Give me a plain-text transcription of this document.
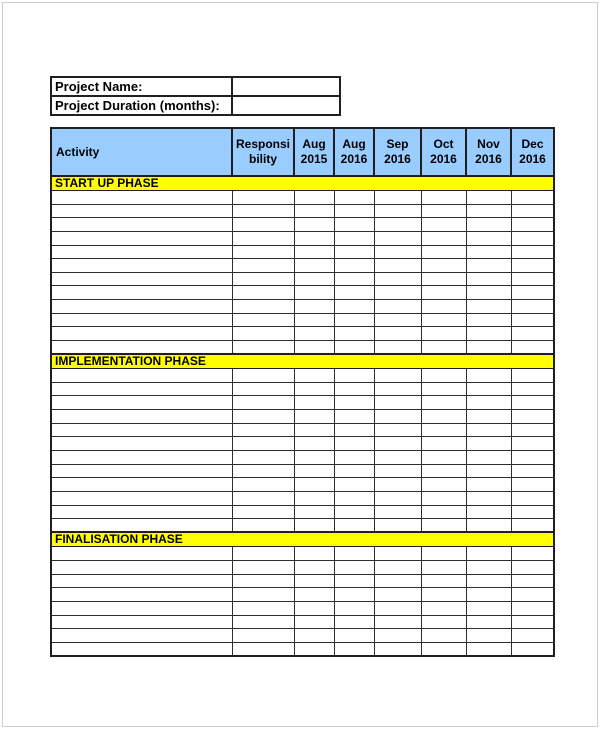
Project Name:	
Project Duration (months):	
Activity	Responsibility	Aug 2015	Aug 2016	Sep 2016	Oct 2016	Nov 2016	Dec 2016
START UP PHASE							

IMPLEMENTATION PHASE							

FINALISATION PHASE							
